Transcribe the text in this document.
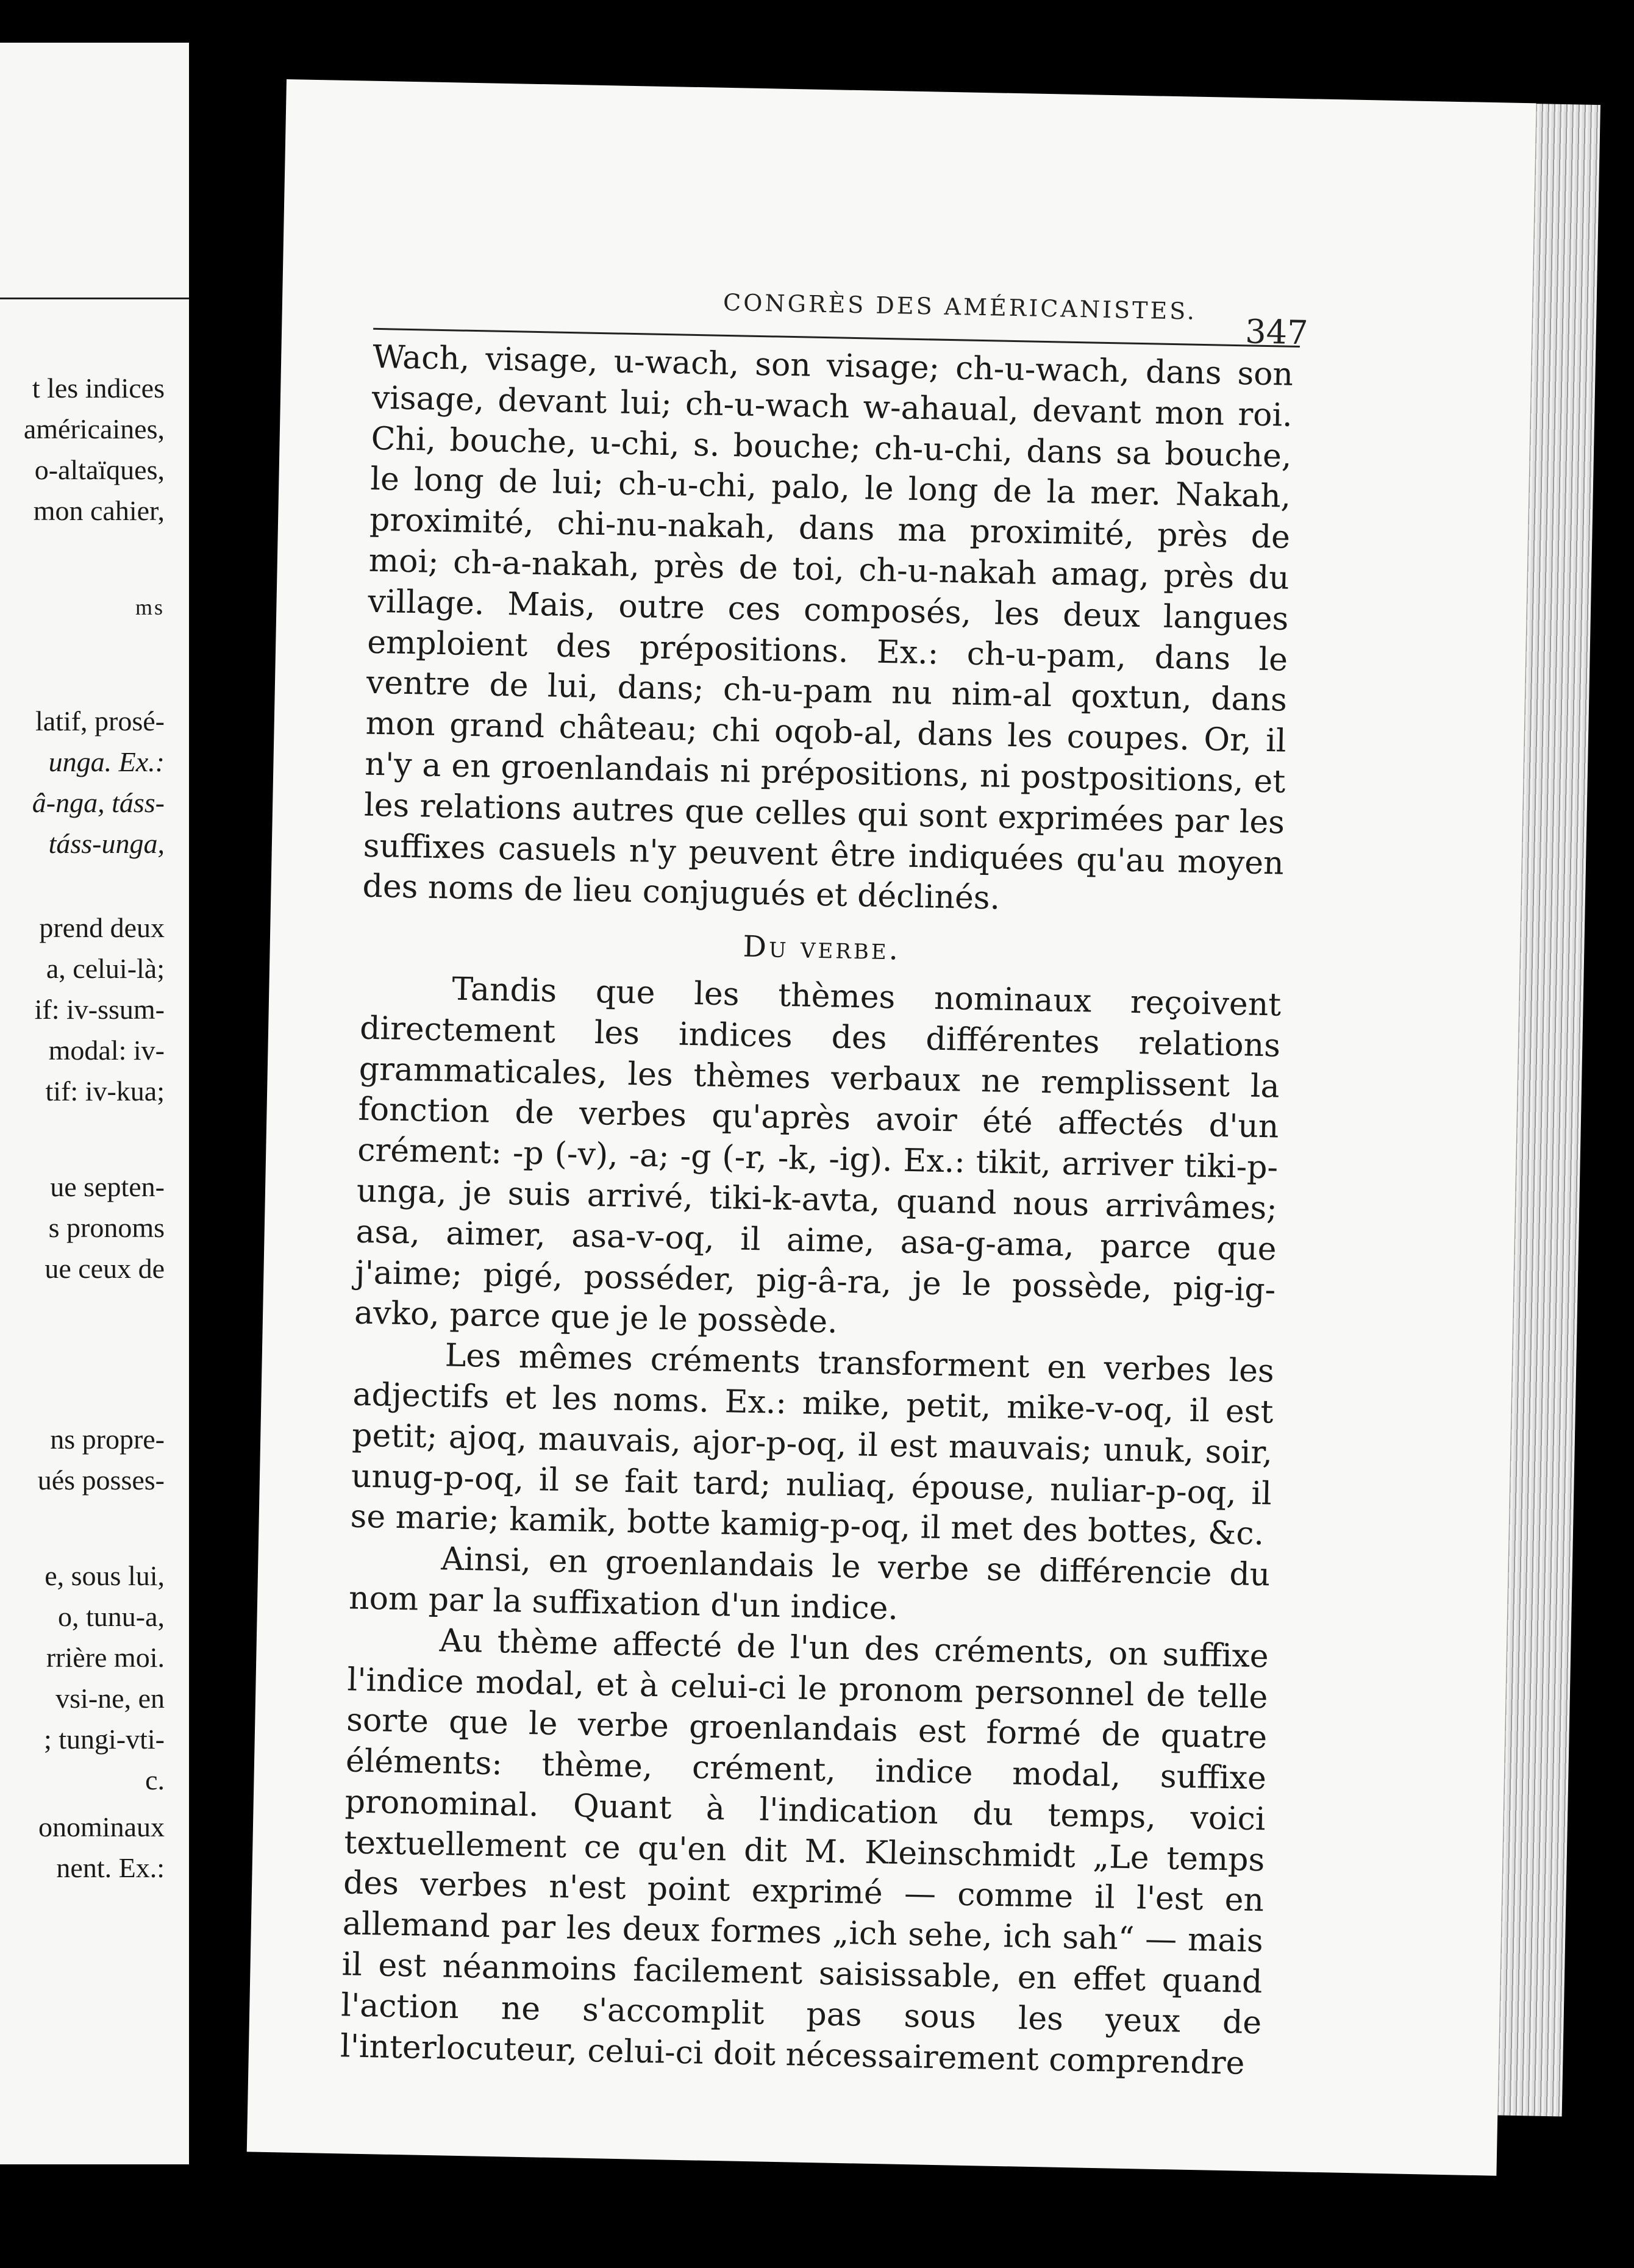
t les indices
américaines,
o-altaïques,
mon cahier,
ms
latif, prosé-
unga. Ex.:
â-nga, táss-
táss-unga,
prend deux
a, celui-là;
if: iv-ssum-
modal: iv-
tif: iv-kua;
ue septen-
s pronoms
ue ceux de
ns propre-
ués posses-
e, sous lui,
o, tunu-a,
rrière moi.
vsi-ne, en
; tungi-vti-
c.
onominaux
nent. Ex.:
CONGRÈS DES AMÉRICANISTES.
347

Wach, visage, u-wach, son visage; ch-u-wach, dans son visage, devant lui; ch-u-wach w-ahaual, devant mon roi. Chi, bouche, u-chi, s. bouche; ch-u-chi, dans sa bouche, le long de lui; ch-u-chi, palo, le long de la mer. Nakah, proximité, chi-nu-nakah, dans ma proximité, près de moi; ch-a-nakah, près de toi, ch-u-nakah amag, près du village. Mais, outre ces composés, les deux langues emploient des prépositions. Ex.: ch-u-pam, dans le ventre de lui, dans; ch-u-pam nu nim-al qoxtun, dans mon grand château; chi oqob-al, dans les coupes. Or, il n'y a en groenlandais ni prépositions, ni postpositions, et les relations autres que celles qui sont exprimées par les suffixes casuels n'y peuvent être indiquées qu'au moyen des noms de lieu conjugués et déclinés.

Du verbe.

Tandis que les thèmes nominaux reçoivent directement les indices des différentes relations grammaticales, les thèmes verbaux ne remplissent la fonction de verbes qu'après avoir été affectés d'un crément: -p (-v), -a; -g (-r, -k, -ig). Ex.: tikit, arriver tiki-p-unga, je suis arrivé, tiki-k-avta, quand nous arrivâmes; asa, aimer, asa-v-oq, il aime, asa-g-ama, parce que j'aime; pigé, posséder, pig-â-ra, je le possède, pig-ig-avko, parce que je le possède.

Les mêmes créments transforment en verbes les adjectifs et les noms. Ex.: mike, petit, mike-v-oq, il est petit; ajoq, mauvais, ajor-p-oq, il est mauvais; unuk, soir, unug-p-oq, il se fait tard; nuliaq, épouse, nuliar-p-oq, il se marie; kamik, botte kamig-p-oq, il met des bottes, &c.

Ainsi, en groenlandais le verbe se différencie du nom par la suffixation d'un indice.

Au thème affecté de l'un des créments, on suffixe l'indice modal, et à celui-ci le pronom personnel de telle sorte que le verbe groenlandais est formé de quatre éléments: thème, crément, indice modal, suffixe pronominal. Quant à l'indication du temps, voici textuellement ce qu'en dit M. Kleinschmidt „Le temps des verbes n'est point exprimé — comme il l'est en allemand par les deux formes „ich sehe, ich sah“ — mais il est néanmoins facilement saisissable, en effet quand l'action ne s'accomplit pas sous les yeux de l'interlocuteur, celui-ci doit nécessairement comprendre
